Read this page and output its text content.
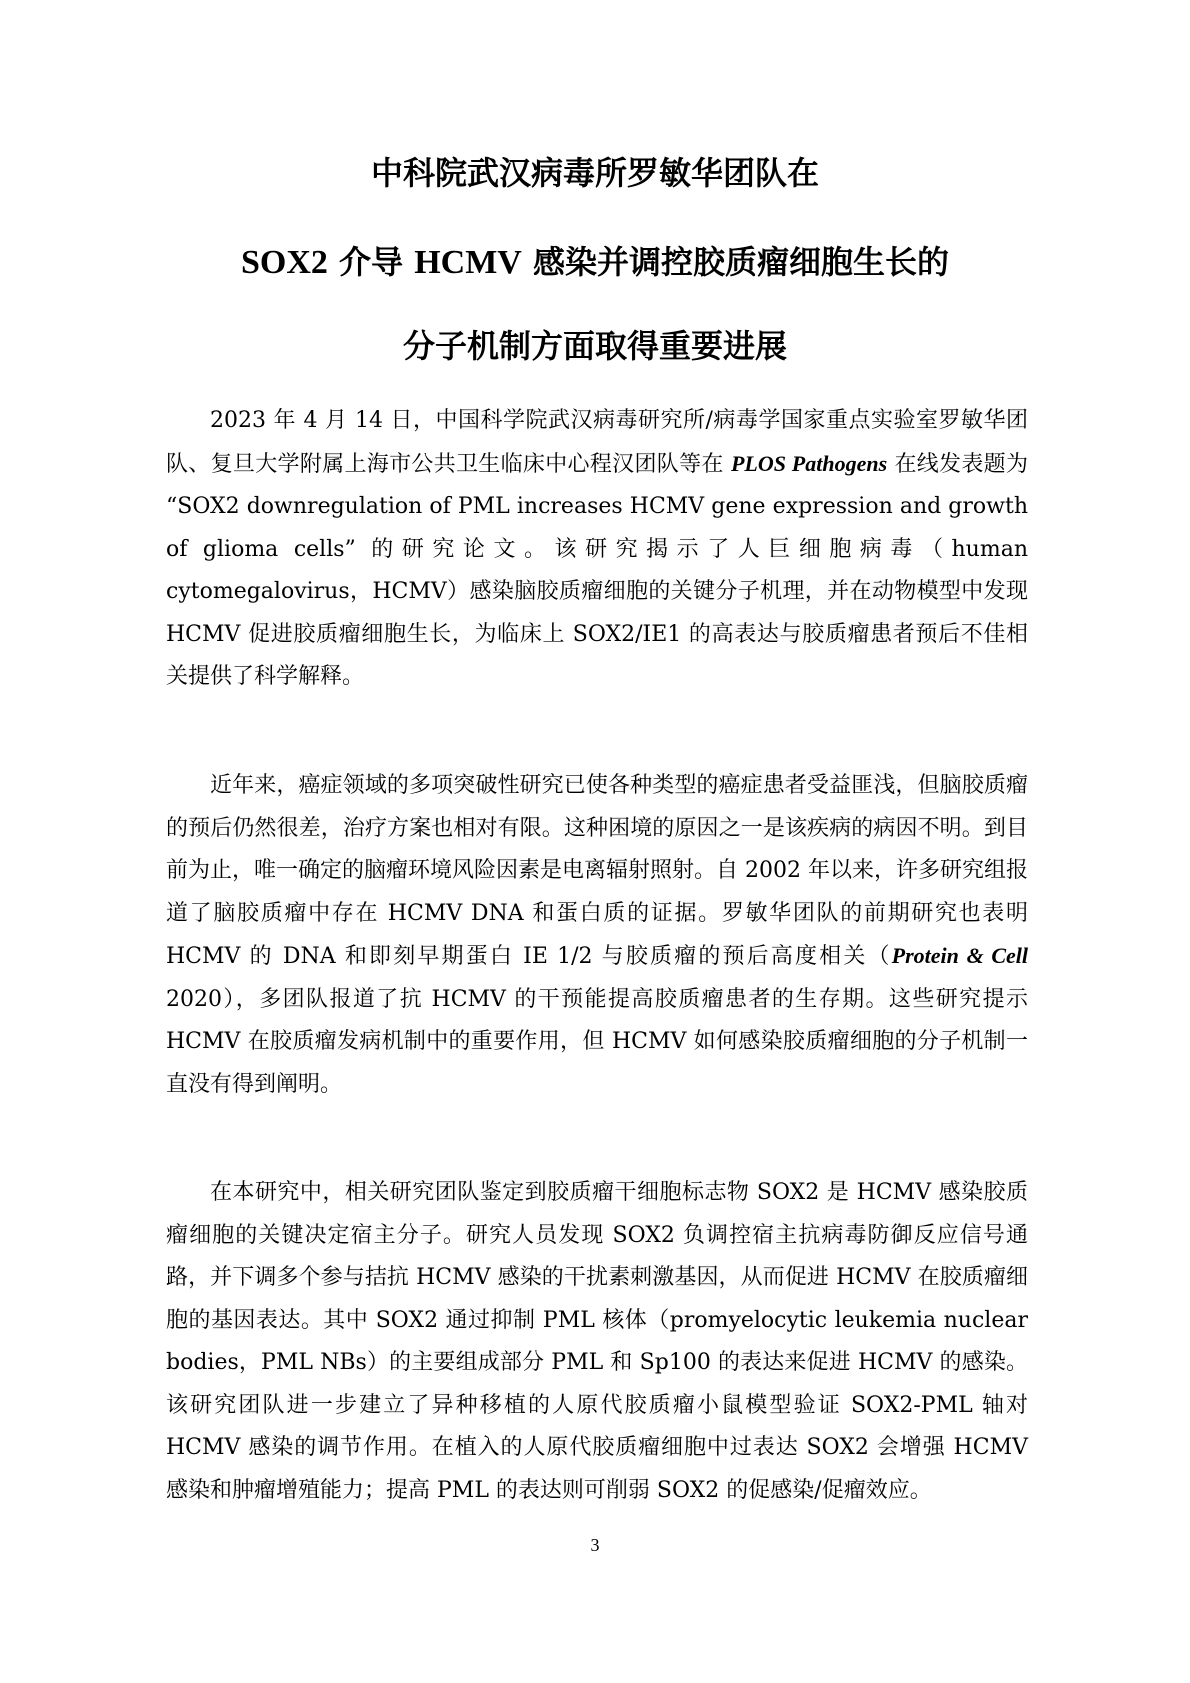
中科院武汉病毒所罗敏华团队在
SOX2 介导 HCMV 感染并调控胶质瘤细胞生长的
分子机制方面取得重要进展

2023 年 4 月 14 日，中国科学院武汉病毒研究所/病毒学国家重点实验室罗敏华团队、复旦大学附属上海市公共卫生临床中心程汉团队等在 PLOS Pathogens 在线发表题为 “SOX2 downregulation of PML increases HCMV gene expression and growth of glioma cells” 的研究论文。该研究揭示了人巨细胞病毒（human cytomegalovirus，HCMV）感染脑胶质瘤细胞的关键分子机理，并在动物模型中发现 HCMV 促进胶质瘤细胞生长，为临床上 SOX2/IE1 的高表达与胶质瘤患者预后不佳相关提供了科学解释。

近年来，癌症领域的多项突破性研究已使各种类型的癌症患者受益匪浅，但脑胶质瘤的预后仍然很差，治疗方案也相对有限。这种困境的原因之一是该疾病的病因不明。到目前为止，唯一确定的脑瘤环境风险因素是电离辐射照射。自 2002 年以来，许多研究组报道了脑胶质瘤中存在 HCMV DNA 和蛋白质的证据。罗敏华团队的前期研究也表明 HCMV 的 DNA 和即刻早期蛋白 IE 1/2 与胶质瘤的预后高度相关（Protein & Cell 2020），多团队报道了抗 HCMV 的干预能提高胶质瘤患者的生存期。这些研究提示 HCMV 在胶质瘤发病机制中的重要作用，但 HCMV 如何感染胶质瘤细胞的分子机制一直没有得到阐明。

在本研究中，相关研究团队鉴定到胶质瘤干细胞标志物 SOX2 是 HCMV 感染胶质瘤细胞的关键决定宿主分子。研究人员发现 SOX2 负调控宿主抗病毒防御反应信号通路，并下调多个参与拮抗 HCMV 感染的干扰素刺激基因，从而促进 HCMV 在胶质瘤细胞的基因表达。其中 SOX2 通过抑制 PML 核体（promyelocytic leukemia nuclear bodies，PML NBs）的主要组成部分 PML 和 Sp100 的表达来促进 HCMV 的感染。该研究团队进一步建立了异种移植的人原代胶质瘤小鼠模型验证 SOX2-PML 轴对 HCMV 感染的调节作用。在植入的人原代胶质瘤细胞中过表达 SOX2 会增强 HCMV 感染和肿瘤增殖能力；提高 PML 的表达则可削弱 SOX2 的促感染/促瘤效应。

3
